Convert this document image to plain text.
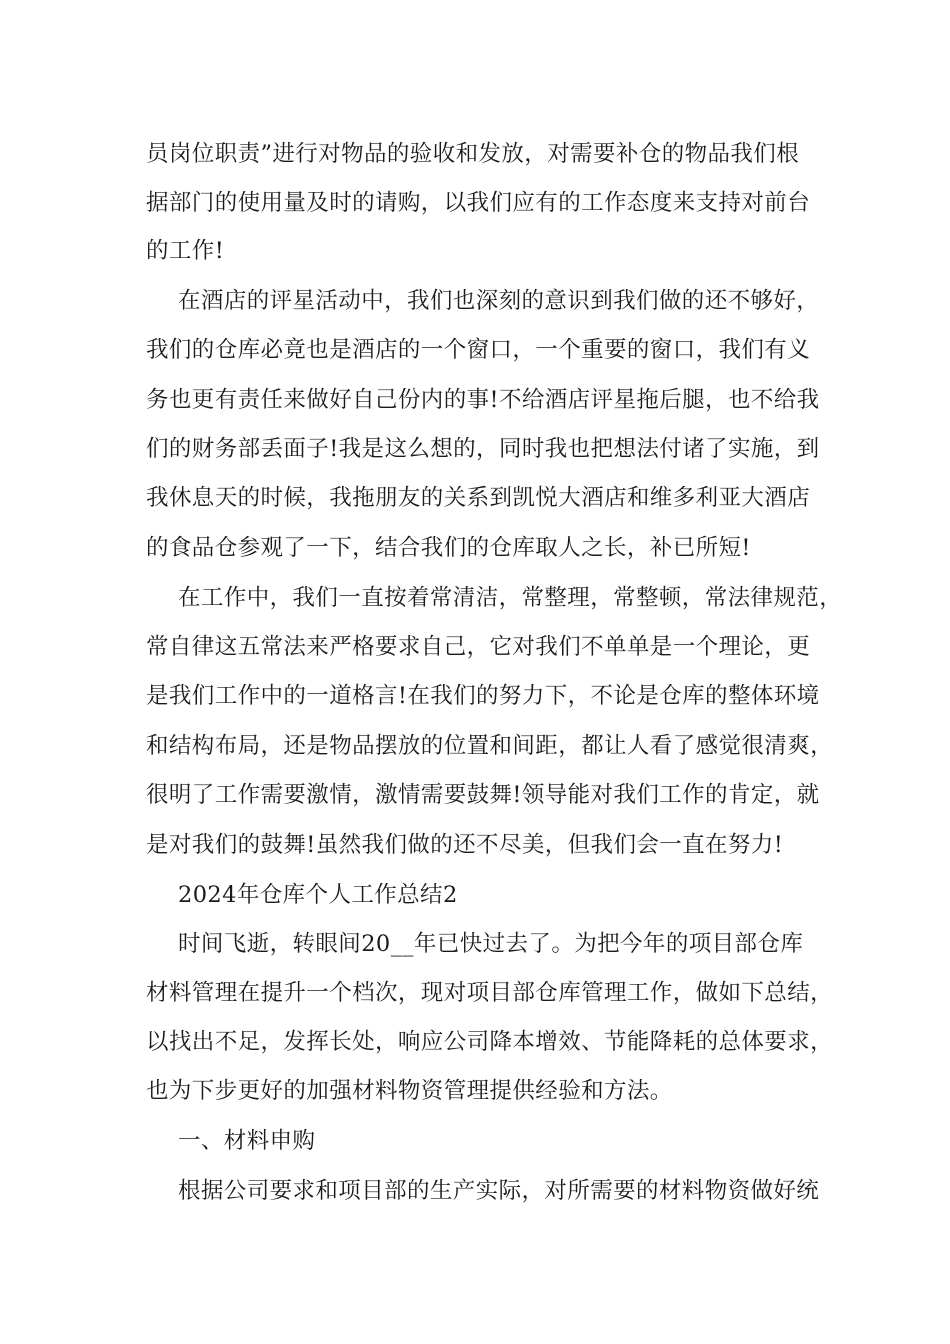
员岗位职责”进行对物品的验收和发放，对需要补仓的物品我们根
据部门的使用量及时的请购，以我们应有的工作态度来支持对前台
的工作!
在酒店的评星活动中，我们也深刻的意识到我们做的还不够好，
我们的仓库必竟也是酒店的一个窗口，一个重要的窗口，我们有义
务也更有责任来做好自己份内的事!不给酒店评星拖后腿，也不给我
们的财务部丢面子!我是这么想的，同时我也把想法付诸了实施，到
我休息天的时候，我拖朋友的关系到凯悦大酒店和维多利亚大酒店
的食品仓参观了一下，结合我们的仓库取人之长，补已所短!
在工作中，我们一直按着常清洁，常整理，常整顿，常法律规范，
常自律这五常法来严格要求自己，它对我们不单单是一个理论，更
是我们工作中的一道格言!在我们的努力下，不论是仓库的整体环境
和结构布局，还是物品摆放的位置和间距，都让人看了感觉很清爽，
很明了工作需要激情，激情需要鼓舞!领导能对我们工作的肯定，就
是对我们的鼓舞!虽然我们做的还不尽美，但我们会一直在努力!
2024年仓库个人工作总结2
时间飞逝，转眼间20__年已快过去了。为把今年的项目部仓库
材料管理在提升一个档次，现对项目部仓库管理工作，做如下总结，
以找出不足，发挥长处，响应公司降本增效、节能降耗的总体要求，
也为下步更好的加强材料物资管理提供经验和方法。
一、材料申购
根据公司要求和项目部的生产实际，对所需要的材料物资做好统
